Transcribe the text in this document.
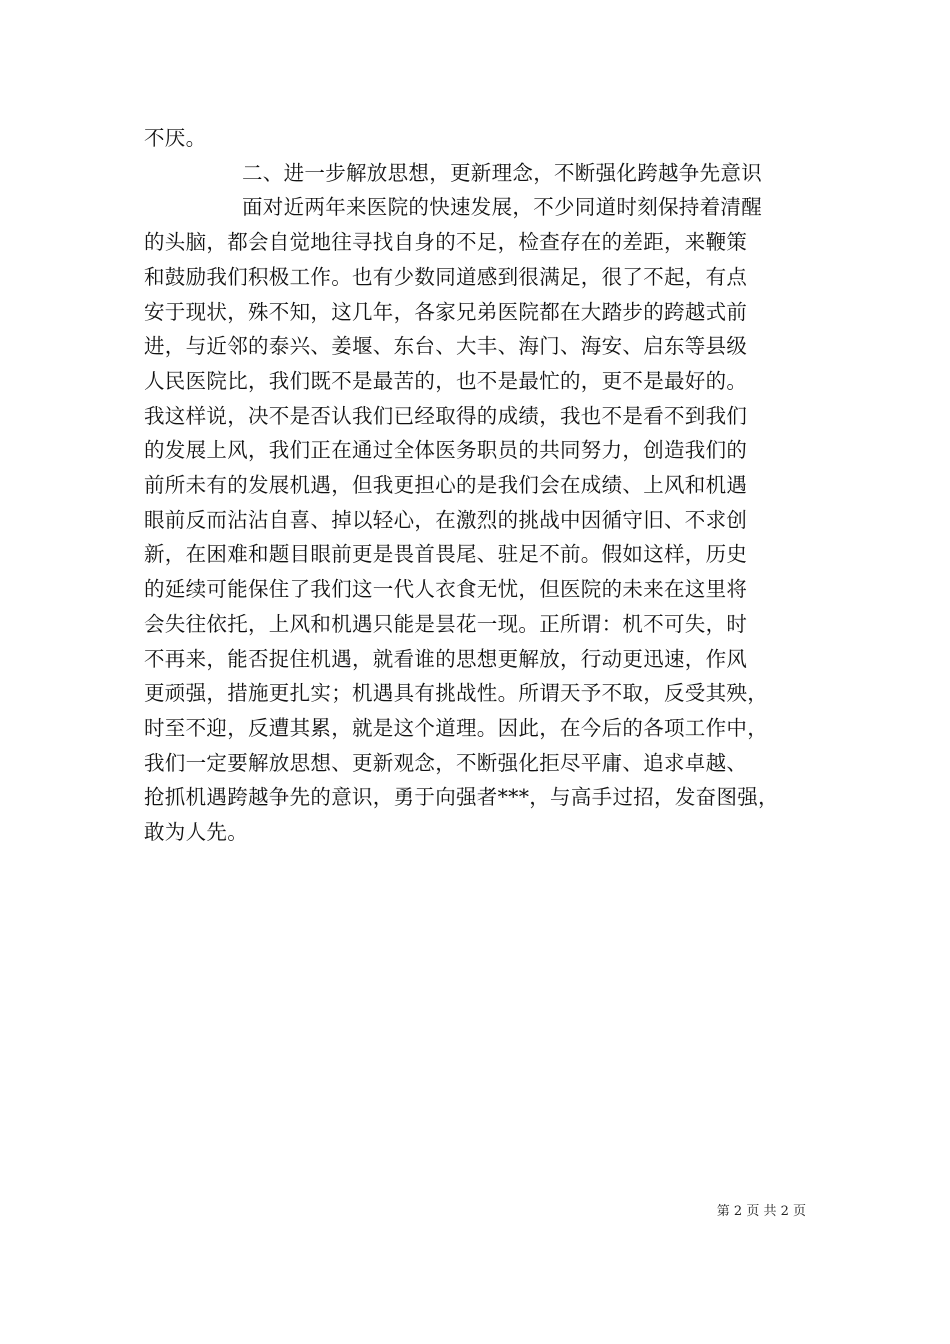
不厌。
二、进一步解放思想，更新理念，不断强化跨越争先意识
面对近两年来医院的快速发展，不少同道时刻保持着清醒
的头脑，都会自觉地往寻找自身的不足，检查存在的差距，来鞭策
和鼓励我们积极工作。也有少数同道感到很满足，很了不起，有点
安于现状，殊不知，这几年，各家兄弟医院都在大踏步的跨越式前
进，与近邻的泰兴、姜堰、东台、大丰、海门、海安、启东等县级
人民医院比，我们既不是最苦的，也不是最忙的，更不是最好的。
我这样说，决不是否认我们已经取得的成绩，我也不是看不到我们
的发展上风，我们正在通过全体医务职员的共同努力，创造我们的
前所未有的发展机遇，但我更担心的是我们会在成绩、上风和机遇
眼前反而沾沾自喜、掉以轻心，在激烈的挑战中因循守旧、不求创
新，在困难和题目眼前更是畏首畏尾、驻足不前。假如这样，历史
的延续可能保住了我们这一代人衣食无忧，但医院的未来在这里将
会失往依托，上风和机遇只能是昙花一现。正所谓：机不可失，时
不再来，能否捉住机遇，就看谁的思想更解放，行动更迅速，作风
更顽强，措施更扎实；机遇具有挑战性。所谓天予不取，反受其殃，
时至不迎，反遭其累，就是这个道理。因此，在今后的各项工作中，
我们一定要解放思想、更新观念，不断强化拒尽平庸、追求卓越、
抢抓机遇跨越争先的意识，勇于向强者***，与高手过招，发奋图强，
敢为人先。
第 2 页 共 2 页
